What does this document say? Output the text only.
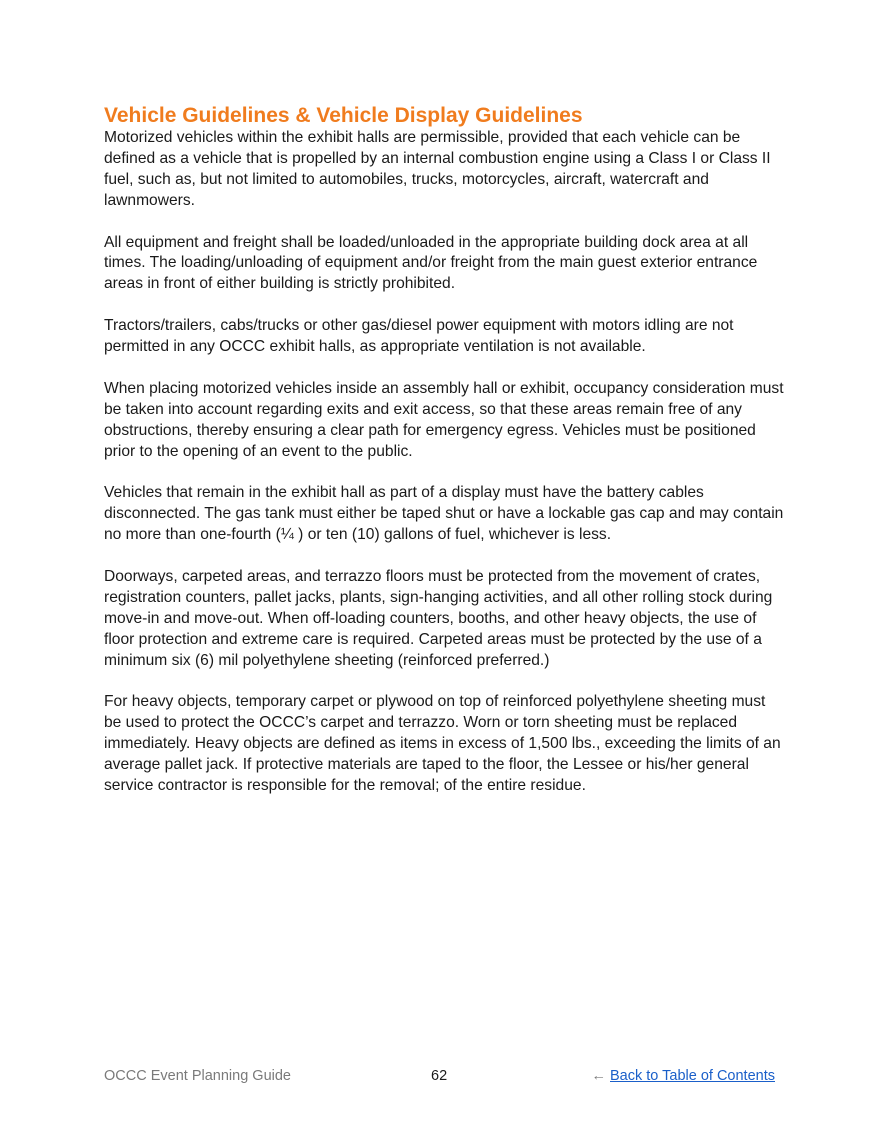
Vehicle Guidelines & Vehicle Display Guidelines

Motorized vehicles within the exhibit halls are permissible, provided that each vehicle can be defined as a vehicle that is propelled by an internal combustion engine using a Class I or Class II fuel, such as, but not limited to automobiles, trucks, motorcycles, aircraft, watercraft and lawnmowers.

All equipment and freight shall be loaded/unloaded in the appropriate building dock area at all times. The loading/unloading of equipment and/or freight from the main guest exterior entrance areas in front of either building is strictly prohibited.

Tractors/trailers, cabs/trucks or other gas/diesel power equipment with motors idling are not permitted in any OCCC exhibit halls, as appropriate ventilation is not available.

When placing motorized vehicles inside an assembly hall or exhibit, occupancy consideration must be taken into account regarding exits and exit access, so that these areas remain free of any obstructions, thereby ensuring a clear path for emergency egress. Vehicles must be positioned prior to the opening of an event to the public.

Vehicles that remain in the exhibit hall as part of a display must have the battery cables disconnected. The gas tank must either be taped shut or have a lockable gas cap and may contain no more than one-fourth (¼ ) or ten (10) gallons of fuel, whichever is less.

Doorways, carpeted areas, and terrazzo floors must be protected from the movement of crates, registration counters, pallet jacks, plants, sign-hanging activities, and all other rolling stock during move-in and move-out. When off-loading counters, booths, and other heavy objects, the use of floor protection and extreme care is required. Carpeted areas must be protected by the use of a minimum six (6) mil polyethylene sheeting (reinforced preferred.)

For heavy objects, temporary carpet or plywood on top of reinforced polyethylene sheeting must be used to protect the OCCC’s carpet and terrazzo. Worn or torn sheeting must be replaced immediately. Heavy objects are defined as items in excess of 1,500 lbs., exceeding the limits of an average pallet jack. If protective materials are taped to the floor, the Lessee or his/her general service contractor is responsible for the removal; of the entire residue.

OCCC Event Planning Guide	62	← Back to Table of Contents
